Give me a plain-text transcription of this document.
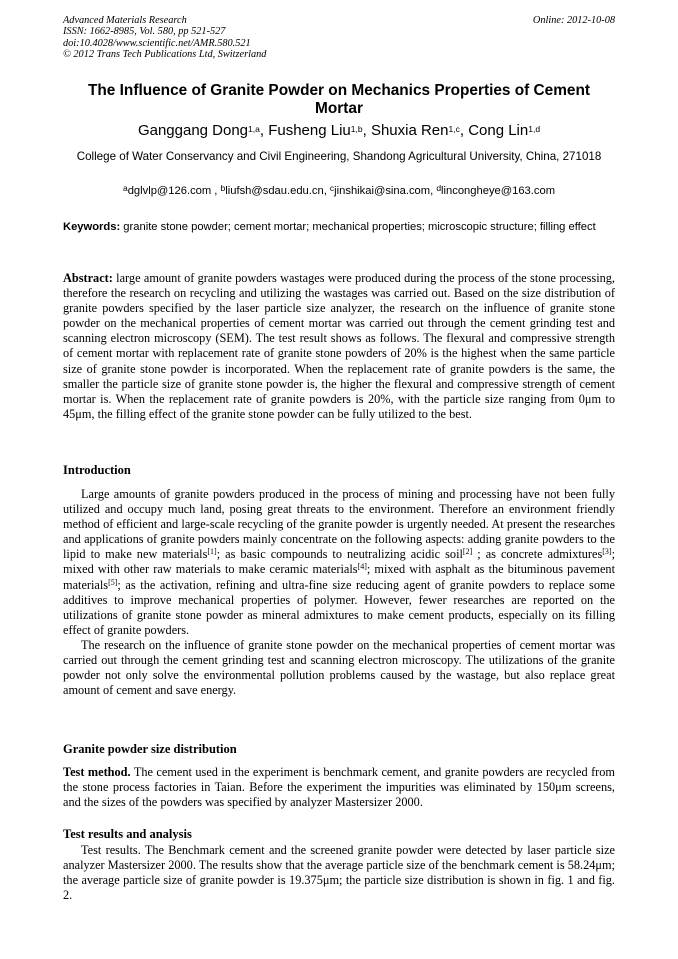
Advanced Materials Research
ISSN: 1662-8985, Vol. 580, pp 521-527
doi:10.4028/www.scientific.net/AMR.580.521
© 2012 Trans Tech Publications Ltd, Switzerland
Online: 2012-10-08
The Influence of Granite Powder on Mechanics Properties of Cement Mortar
Ganggang Dong$^{1,a}$, Fusheng Liu$^{1,b}$, Shuxia Ren$^{1,c}$, Cong Lin$^{1,d}$
College of Water Conservancy and Civil Engineering, Shandong Agricultural University, China, 271018
$^a$dglvlp@126.com , $^b$liufsh@sdau.edu.cn, $^c$jinshikai@sina.com, $^d$lincongheye@163.com
Keywords: granite stone powder; cement mortar; mechanical properties; microscopic structure; filling effect
Abstract: large amount of granite powders wastages were produced during the process of the stone processing, therefore the research on recycling and utilizing the wastages was carried out. Based on the size distribution of granite powders specified by the laser particle size analyzer, the research on the influence of granite stone powder on the mechanical properties of cement mortar was carried out through the cement grinding test and scanning electron microscopy (SEM). The test result shows as follows. The flexural and compressive strength of cement mortar with replacement rate of granite stone powders of 20% is the highest when the same particle size of granite stone powder is incorporated. When the replacement rate of granite powders is the same, the smaller the particle size of granite stone powder is, the higher the flexural and compressive strength of cement mortar is. When the replacement rate of granite powders is 20%, with the particle size ranging from 0μm to 45μm, the filling effect of the granite stone powder can be fully utilized to the best.
Introduction

Large amounts of granite powders produced in the process of mining and processing have not been fully utilized and occupy much land, posing great threats to the environment. Therefore an environment friendly method of efficient and large-scale recycling of the granite powder is urgently needed. At present the researches and applications of granite powders mainly concentrate on the following aspects: adding granite powders to the lipid to make new materials[1]; as basic compounds to neutralizing acidic soil[2] ; as concrete admixtures[3]; mixed with other raw materials to make ceramic materials[4]; mixed with asphalt as the bituminous pavement materials[5]; as the activation, refining and ultra-fine size reducing agent of granite powders to replace some additives to improve mechanical properties of polymer. However, fewer researches are reported on the utilizations of granite stone powder as mineral admixtures to make cement products, especially on its filling effect of granite powders.

The research on the influence of granite stone powder on the mechanical properties of cement mortar was carried out through the cement grinding test and scanning electron microscopy. The utilizations of the granite powder not only solve the environmental pollution problems caused by the wastage, but also replace great amount of cement and save energy.

Granite powder size distribution
Test method. The cement used in the experiment is benchmark cement, and granite powders are recycled from the stone process factories in Taian. Before the experiment the impurities was eliminated by 150μm screens, and the sizes of the powders was specified by analyzer Mastersizer 2000.
Test results and analysis

Test results. The Benchmark cement and the screened granite powder were detected by laser particle size analyzer Mastersizer 2000. The results show that the average particle size of the benchmark cement is 58.24μm; the average particle size of granite powder is 19.375μm; the particle size distribution is shown in fig. 1 and fig. 2.
